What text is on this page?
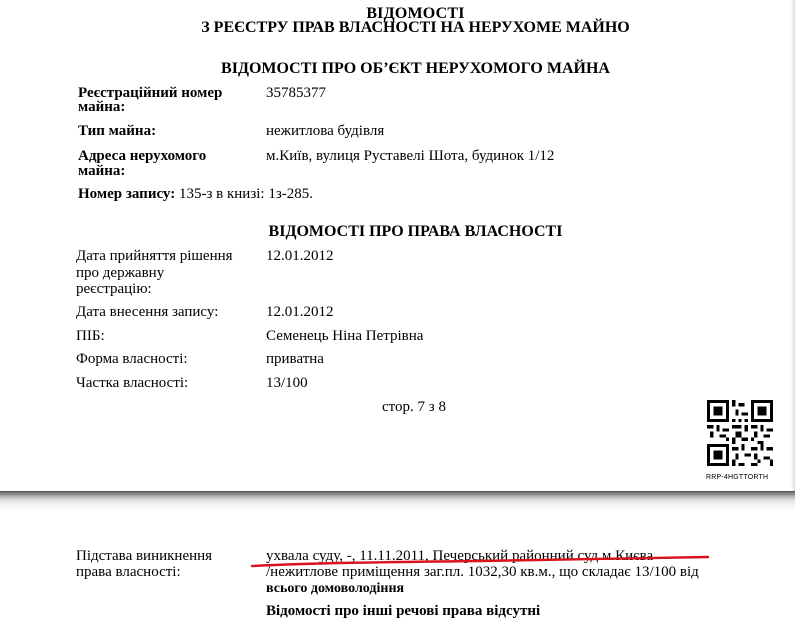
ВІДОМОСТІ
З РЕЄСТРУ ПРАВ ВЛАСНОСТІ НА НЕРУХОМЕ МАЙНО
ВІДОМОСТІ ПРО ОБ’ЄКТ НЕРУХОМОГО МАЙНА
Реєстраційний номер
майна:
35785377
Тип майна:	нежитлова будівля
Адреса нерухомого
майна:
м.Київ, вулиця Руставелі Шота, будинок 1/12
Номер запису: 135-з в книзі: 1з-285.
ВІДОМОСТІ ПРО ПРАВА ВЛАСНОСТІ
Дата прийняття рішення
про державну
реєстрацію:
12.01.2012
Дата внесення запису:	12.01.2012
ПІБ:	Семенець Ніна Петрівна
Форма власності:	приватна
Частка власності:	13/100
стор. 7 з 8
RRP-4HGTTORTH
Підстава виникнення
права власності:
ухвала суду, -, 11.11.2011, Печерський районний суд м.Києва
/нежитлове приміщення заг.пл. 1032,30 кв.м., що складає 13/100 від
всього домоволодіння
Відомості про інші речові права відсутні
